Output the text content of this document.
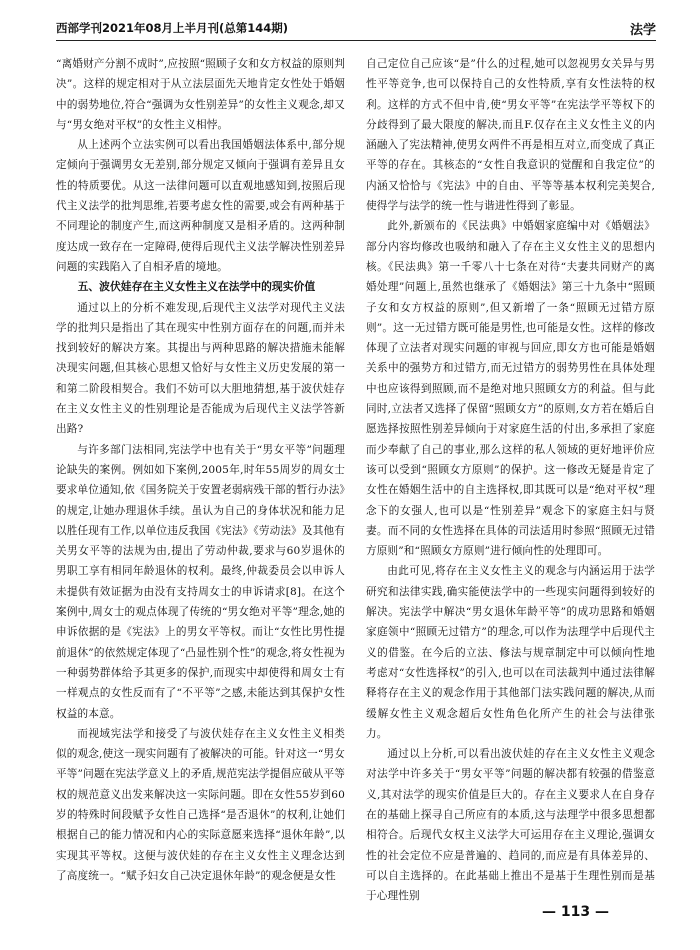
西部学刊2021年08月上半月刊(总第144期)	法学

“离婚财产分割不成时”,应按照“照顾子女和女方权益的原则判决”。这样的规定相对于从立法层面先天地肯定女性处于婚姻中的弱势地位,符合“强调为女性别差异”的女性主义观念,却又与“男女绝对平权”的女性主义相悖。

从上述两个立法实例可以看出我国婚姻法体系中,部分规定倾向于强调男女无差别,部分规定又倾向于强调有差异且女性的特质要优。从这一法律问题可以直观地感知到,按照后现代主义法学的批判思维,若要考虑女性的需要,或会有两种基于不同理论的制度产生,而这两种制度又是相矛盾的。这两种制度达成一致存在一定障碍,使得后现代主义法学解决性别差异问题的实践陷入了自相矛盾的境地。

五、波伏娃存在主义女性主义在法学中的现实价值

通过以上的分析不难发现,后现代主义法学对现代主义法学的批判只是指出了其在现实中性别方面存在的问题,而并未找到较好的解决方案。其提出与两种思路的解决措施未能解决现实问题,但其核心思想又恰好与女性主义历史发展的第一和第二阶段相契合。我们不妨可以大胆地猜想,基于波伏娃存在主义女性主义的性别理论是否能成为后现代主义法学答新出路?

与许多部门法相同,宪法学中也有关于“男女平等”问题理论缺失的案例。例如如下案例,2005年,时年55周岁的周女士要求单位通知,依《国务院关于安置老弱病残干部的暂行办法》的规定,让她办理退休手续。虽认为自己的身体状况和能力足以胜任现有工作,以单位违反我国《宪法》《劳动法》及其他有关男女平等的法规为由,提出了劳动仲裁,要求与60岁退休的男职工享有相同年龄退休的权利。最终,仲裁委员会以申诉人未提供有效证据为由没有支持周女士的申诉请求[8]。在这个案例中,周女士的观点体现了传统的“男女绝对平等”理念,她的申诉依据的是《宪法》上的男女平等权。而让“女性比男性提前退休”的依然规定体现了“凸显性别个性”的观念,将女性视为一种弱势群体给予其更多的保护,而现实中却使得和周女士有一样观点的女性反而有了“不平等”之感,未能达到其保护女性权益的本意。

而视域宪法学和接受了与波伏娃存在主义女性主义相类似的观念,使这一现实问题有了被解决的可能。针对这一“男女平等”问题在宪法学意义上的矛盾,规范宪法学提倡应破从平等权的规范意义出发来解决这一实际问题。即在女性55岁到60岁的特殊时间段赋予女性自己选择“是否退休”的权利,让她们根据自己的能力情况和内心的实际意愿来选择“退休年龄”,以实现其平等权。这便与波伏娃的存在主义女性主义理念达到了高度统一。“赋予妇女自己决定退休年龄”的观念便是女性

自己定位自己应该“是”什么的过程,她可以忽视男女关异与男性平等竞争,也可以保持自己的女性特质,享有女性法特的权利。这样的方式不但中肯,使“男女平等”在宪法学平等权下的分歧得到了最大限度的解决,而且F.仅存在主义女性主义的内涵融入了宪法精神,使男女两件不再是相互对立,而变成了真正平等的存在。其核态的“女性自我意识的觉醒和自我定位”的内涵又恰恰与《宪法》中的自由、平等等基本权利完美契合,使得学与法学的统一性与谐进性得到了彰显。

此外,新颁布的《民法典》中婚姻家庭编中对《婚姻法》部分内容均修改也吸纳和融入了存在主义女性主义的思想内核。《民法典》第一千零八十七条在对待“夫妻共同财产的离婚处理”问题上,虽然也继承了《婚姻法》第三十九条中“照顾子女和女方权益的原则”,但又新增了一条“照顾无过错方原则”。这一无过错方既可能是男性,也可能是女性。这样的修改体现了立法者对现实问题的审视与回应,即女方也可能是婚姻关系中的强势方和过错方,而无过错方的弱势男性在具体处理中也应该得到照顾,而不是绝对地只照顾女方的利益。但与此同时,立法者又选择了保留“照顾女方”的原则,女方若在婚后自愿选择按照性别差异倾向于对家庭生活的付出,多承担了家庭而少奉献了自己的事业,那么这样的私人领域的更好地评价应该可以受到“照顾女方原则”的保护。这一修改无疑是肯定了女性在婚姻生活中的自主选择权,即其既可以是“绝对平权”理念下的女强人,也可以是“性别差异”观念下的家庭主妇与贤妻。而不同的女性选择在具体的司法适用时参照“照顾无过错方原则”和“照顾女方原则”进行倾向性的处理即可。

由此可见,将存在主义女性主义的观念与内涵运用于法学研究和法律实践,确实能使法学中的一些现实问题得到较好的解决。宪法学中解决“男女退休年龄平等”的成功思路和婚姻家庭领中“照顾无过错方”的理念,可以作为法理学中后现代主义的借鉴。在今后的立法、修法与规章制定中可以倾向性地考虑对“女性选择权”的引入,也可以在司法裁判中通过法律解释将存在主义的观念作用于其他部门法实践问题的解决,从而缓解女性主义观念超后女性角色化所产生的社会与法律张力。

通过以上分析,可以看出波伏娃的存在主义女性主义观念对法学中许多关于“男女平等”问题的解决都有较强的借鉴意义,其对法学的现实价值是巨大的。存在主义要求人在自身存在的基础上探寻自己所应有的本质,这与法理学中很多思想都相符合。后现代女权主义法学大可运用存在主义理论,强调女性的社会定位不应是普遍的、趋同的,而应是有具体差异的、可以自主选择的。在此基础上推出不是基于生理性别而是基于心理性别

— 113 —
